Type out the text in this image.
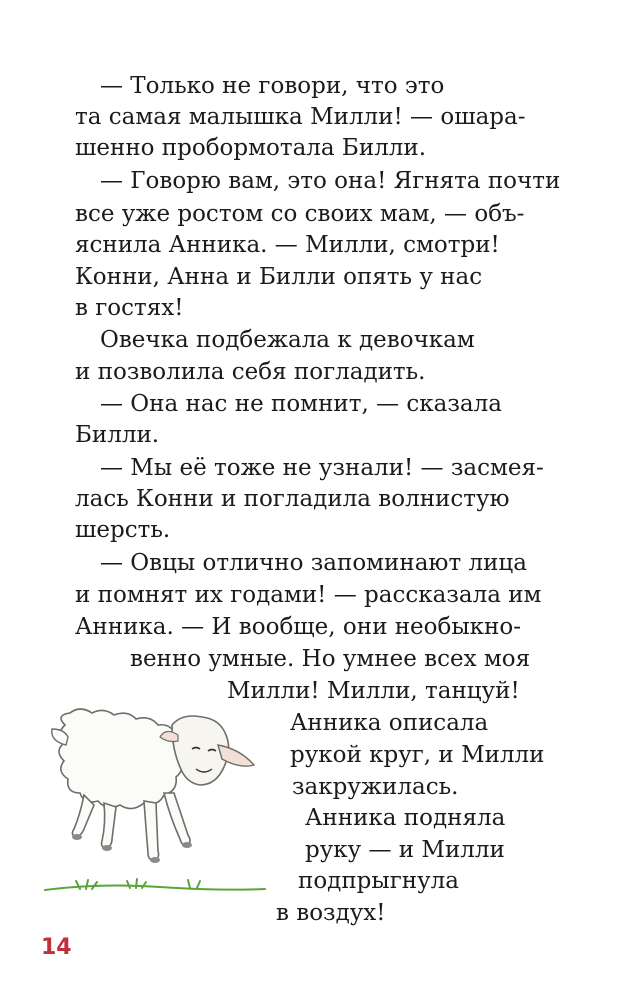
— Только не говори, что это
та самая малышка Милли! — ошара-
шенно пробормотала Билли.
— Говорю вам, это она! Ягнята почти
все уже ростом со своих мам, — объ-
яснила Анника. — Милли, смотри!
Конни, Анна и Билли опять у нас
в гостях!
Овечка подбежала к девочкам
и позволила себя погладить.
— Она нас не помнит, — сказала
Билли.
— Мы её тоже не узнали! — засмея-
лась Конни и погладила волнистую
шерсть.
— Овцы отлично запоминают лица
и помнят их годами! — рассказала им
Анника. — И вообще, они необыкно-
венно умные. Но умнее всех моя
Милли! Милли, танцуй!
Анника описала
рукой круг, и Милли
закружилась.
Анника подняла
руку — и Милли
подпрыгнула
в воздух!
14
